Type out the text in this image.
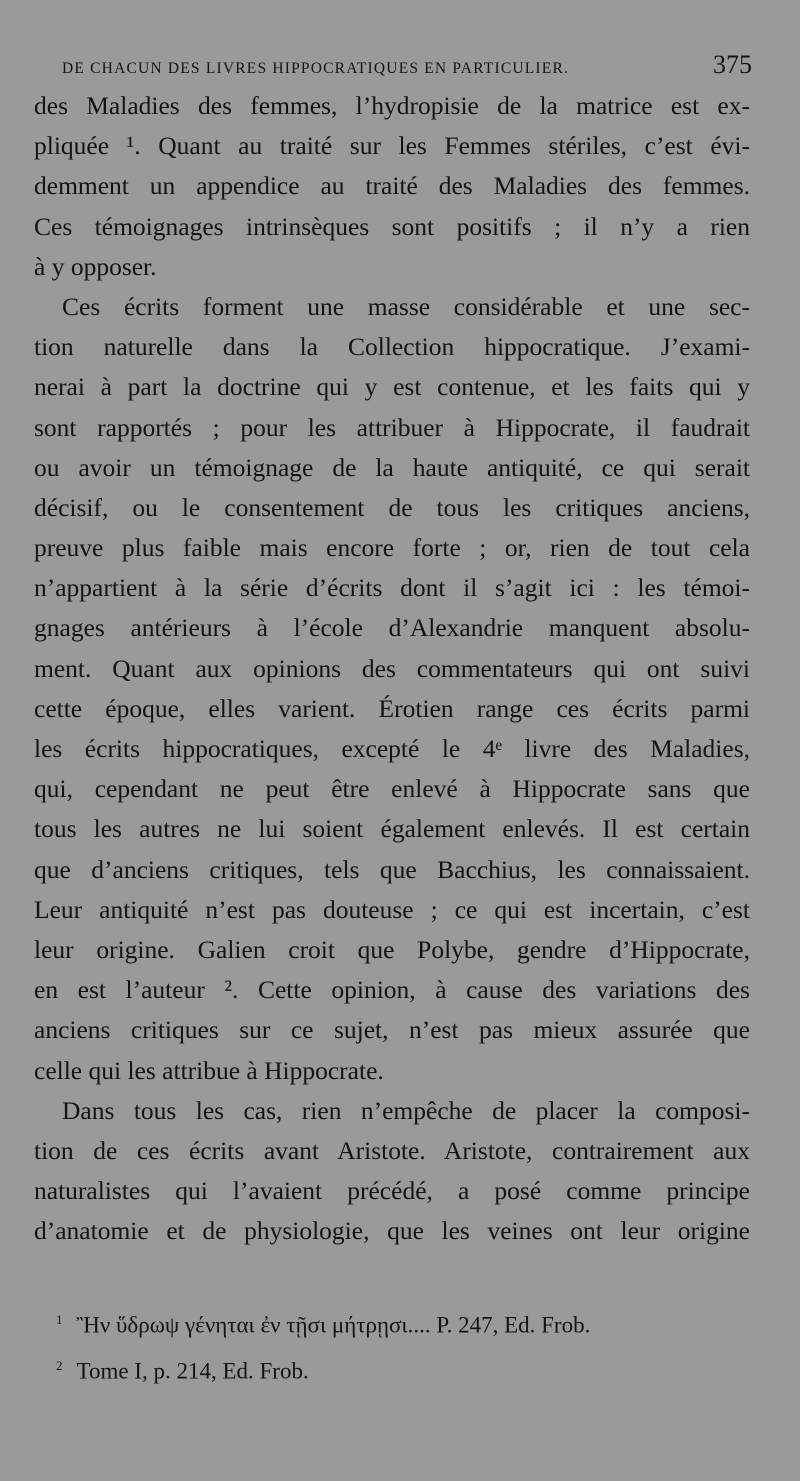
DE CHACUN DES LIVRES HIPPOCRATIQUES EN PARTICULIER.	375
des Maladies des femmes, l’hydropisie de la matrice est ex-
pliquée ¹. Quant au traité sur les Femmes stériles, c’est évi-
demment un appendice au traité des Maladies des femmes.
Ces témoignages intrinsèques sont positifs ; il n’y a rien
à y opposer.
Ces écrits forment une masse considérable et une sec-
tion naturelle dans la Collection hippocratique. J’exami-
nerai à part la doctrine qui y est contenue, et les faits qui y
sont rapportés ; pour les attribuer à Hippocrate, il faudrait
ou avoir un témoignage de la haute antiquité, ce qui serait
décisif, ou le consentement de tous les critiques anciens,
preuve plus faible mais encore forte ; or, rien de tout cela
n’appartient à la série d’écrits dont il s’agit ici : les témoi-
gnages antérieurs à l’école d’Alexandrie manquent absolu-
ment. Quant aux opinions des commentateurs qui ont suivi
cette époque, elles varient. Érotien range ces écrits parmi
les écrits hippocratiques, excepté le 4ᵉ livre des Maladies,
qui, cependant ne peut être enlevé à Hippocrate sans que
tous les autres ne lui soient également enlevés. Il est certain
que d’anciens critiques, tels que Bacchius, les connaissaient.
Leur antiquité n’est pas douteuse ; ce qui est incertain, c’est
leur origine. Galien croit que Polybe, gendre d’Hippocrate,
en est l’auteur ². Cette opinion, à cause des variations des
anciens critiques sur ce sujet, n’est pas mieux assurée que
celle qui les attribue à Hippocrate.
Dans tous les cas, rien n’empêche de placer la composi-
tion de ces écrits avant Aristote. Aristote, contrairement aux
naturalistes qui l’avaient précédé, a posé comme principe
d’anatomie et de physiologie, que les veines ont leur origine
$^1$ Ἢν ὕδρωψ γένηται ἐν τῇσι μήτρῃσι.... P. 247, Ed. Frob.
$^2$ Tome I, p. 214, Ed. Frob.
